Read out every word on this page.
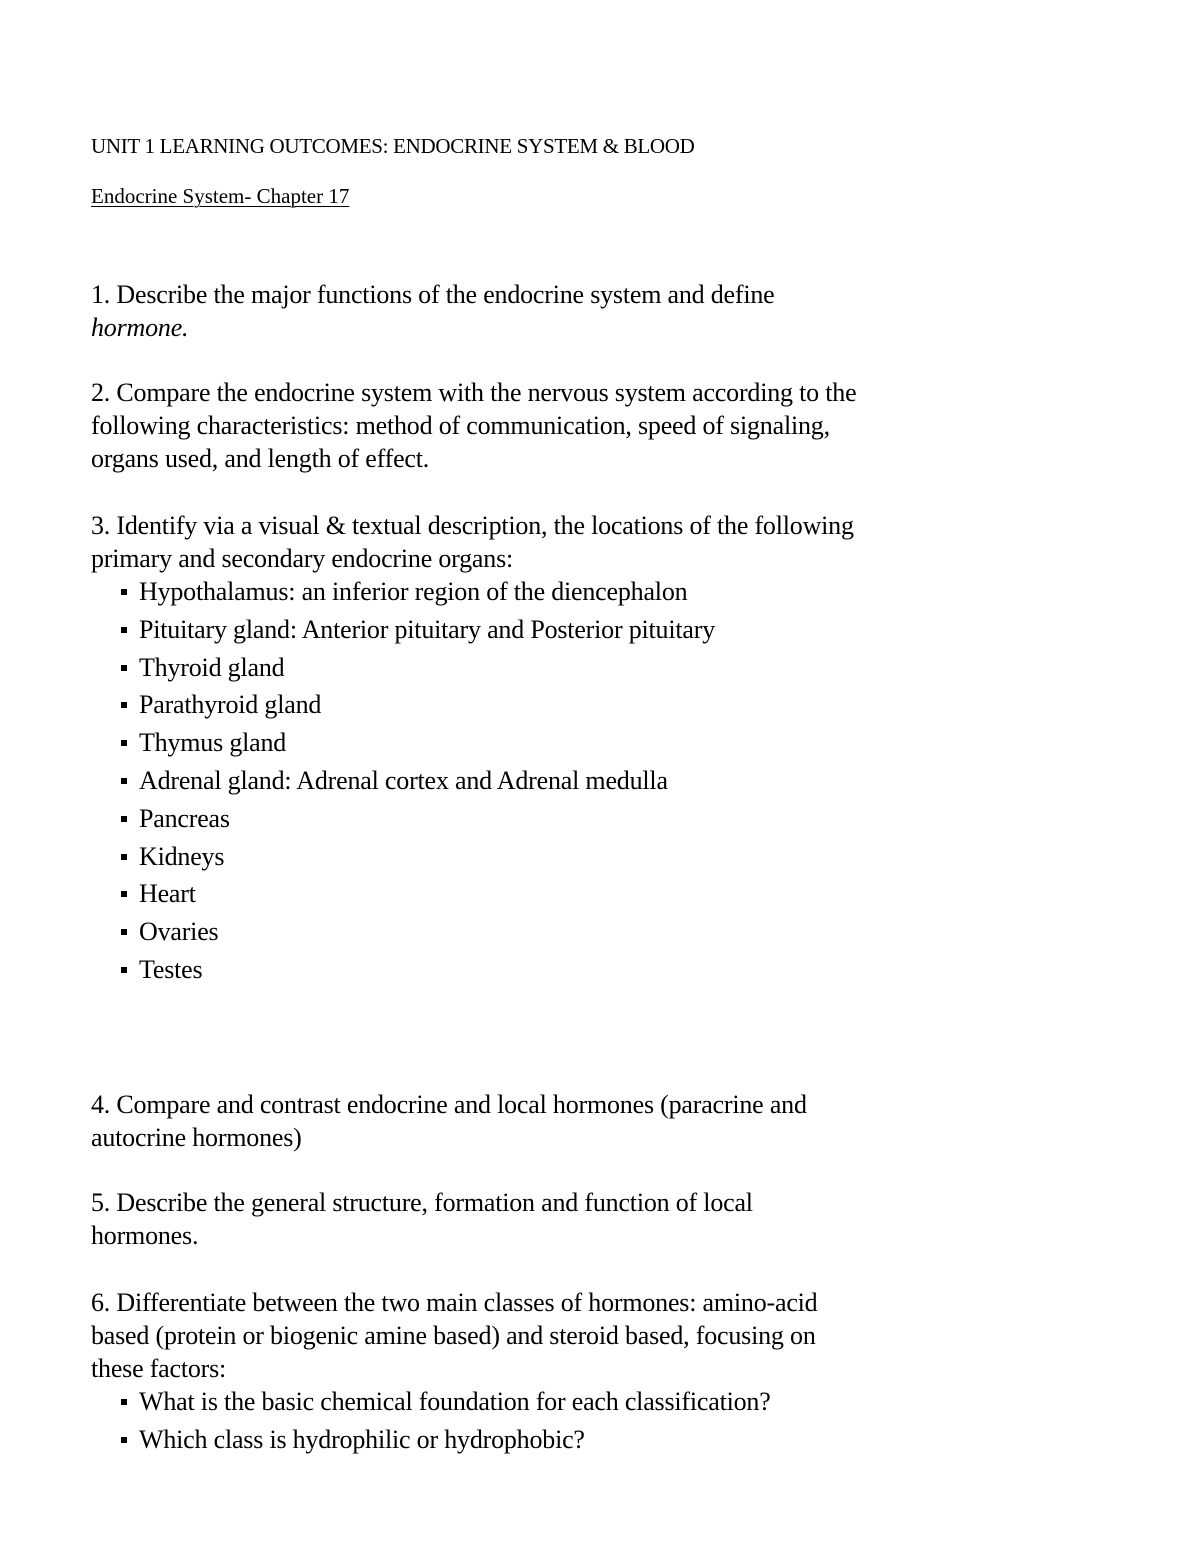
UNIT 1 LEARNING OUTCOMES: ENDOCRINE SYSTEM & BLOOD
Endocrine System- Chapter 17
1. Describe the major functions of the endocrine system and define
hormone.
2. Compare the endocrine system with the nervous system according to the
following characteristics: method of communication, speed of signaling,
organs used, and length of effect.
3. Identify via a visual & textual description, the locations of the following
primary and secondary endocrine organs:
Hypothalamus: an inferior region of the diencephalon
Pituitary gland: Anterior pituitary and Posterior pituitary
Thyroid gland
Parathyroid gland
Thymus gland
Adrenal gland: Adrenal cortex and Adrenal medulla
Pancreas
Kidneys
Heart
Ovaries
Testes
4. Compare and contrast endocrine and local hormones (paracrine and
autocrine hormones)
5. Describe the general structure, formation and function of local
hormones.
6. Differentiate between the two main classes of hormones: amino-acid
based (protein or biogenic amine based) and steroid based, focusing on
these factors:
What is the basic chemical foundation for each classification?
Which class is hydrophilic or hydrophobic?
